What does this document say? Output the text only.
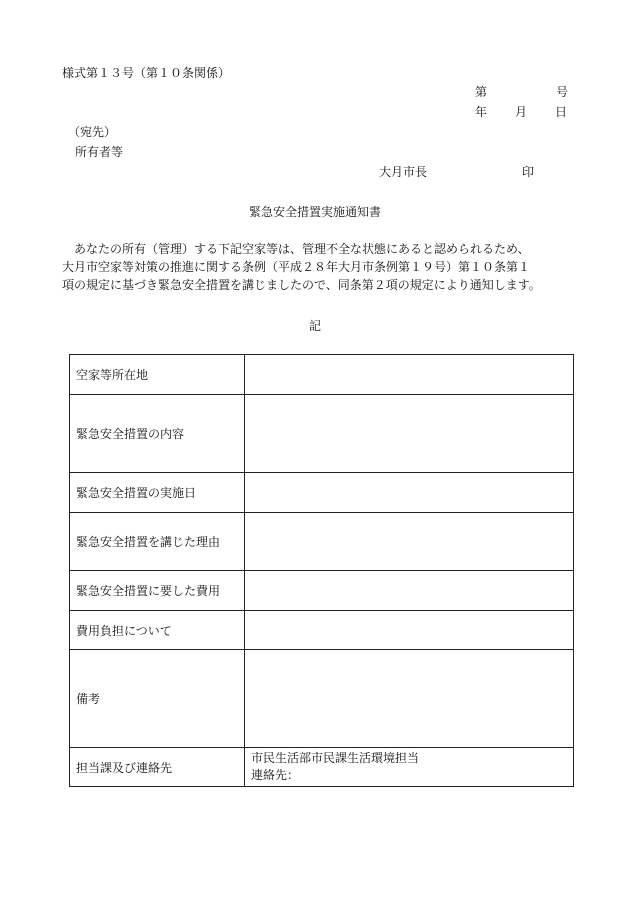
様式第１３号（第１０条関係）
第	号
年 月 日
（宛先）
所有者等
大月市長	印
緊急安全措置実施通知書
あなたの所有（管理）する下記空家等は、管理不全な状態にあると認められるため、
大月市空家等対策の推進に関する条例（平成２８年大月市条例第１９号）第１０条第１
項の規定に基づき緊急安全措置を講じましたので、同条第２項の規定により通知します。
記
空家等所在地	
緊急安全措置の内容	
緊急安全措置の実施日	
緊急安全措置を講じた理由	
緊急安全措置に要した費用	
費用負担について	
備考	
担当課及び連絡先	市民生活部市民課生活環境担当
連絡先：
